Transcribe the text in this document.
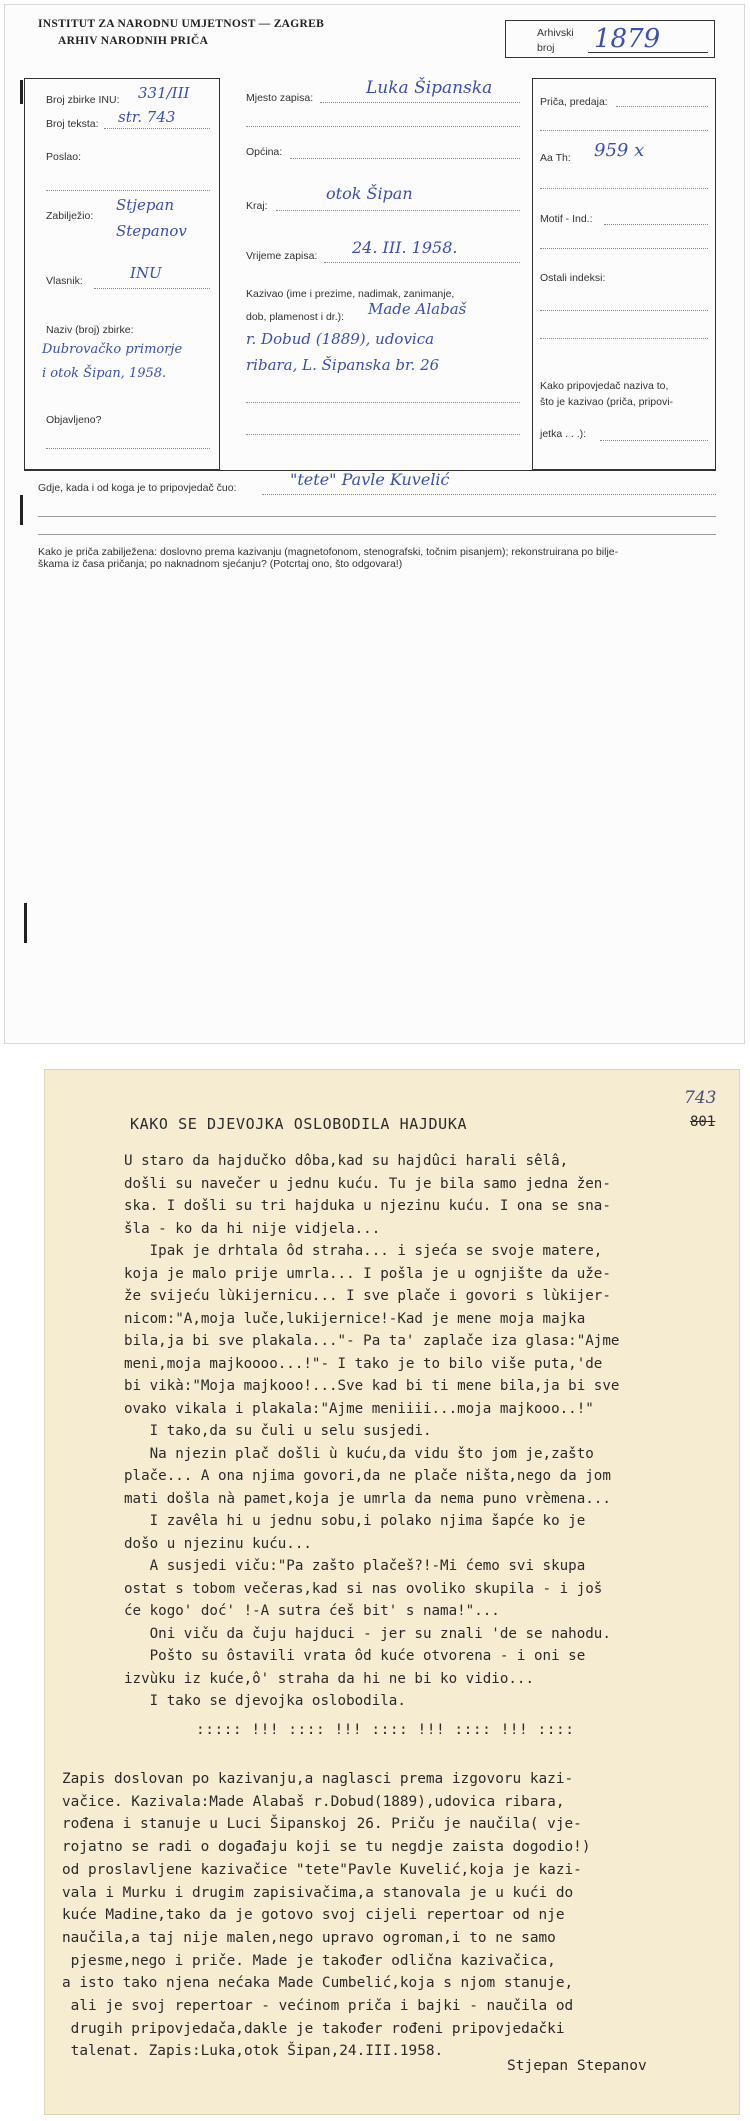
INSTITUT ZA NARODNU UMJETNOST — ZAGREB
ARHIV NARODNIH PRIČA
Arhivski
broj 1879
Broj zbirke INU: 331/III
Broj teksta: str. 743
Poslao:
Zabilježio:
Stjepan
Stepanov
Vlasnik:	INU
Naziv (broj) zbirke:
Dubrovačko primorje
i otok Šipan, 1958.
Objavljeno?
Mjesto zapisa:	Luka Šipanska
Općina:
Kraj:
otok Šipan
Vrijeme zapisa: 24. III. 1958.
Kazivao (ime i prezime, nadimak, zanimanje,
dob, plamenost i dr.): Made Alabaš
r. Dobud (1889), udovica
ribara, L. Šipanska br. 26
Priča, predaja:
Aa Th: 959 x
Motif - Ind.:
Ostali indeksi:
Kako pripovjedač naziva to,
što je kazivao (priča, pripovi-
jetka . . .):
Gdje, kada i od koga je to pripovjedač čuo:	"tete" Pavle Kuvelić
Kako je priča zabilježena: doslovno prema kazivanju (magnetofonom, stenografski, točnim pisanjem); rekonstruirana po bilje-
škama iz časa pričanja; po naknadnom sjećanju? (Potcrtaj ono, što odgovara!)
743
801
KAKO SE DJEVOJKA OSLOBODILA HAJDUKA
U staro da hajdučko dôba,kad su hajdûci harali sêlâ,
došli su navečer u jednu kuću. Tu je bila samo jedna žen-
ska. I došli su tri hajduka u njezinu kuću. I ona se sna-
šla - ko da hi nije vidjela...
Ipak je drhtala ôd straha... i sjeća se svoje matere,
koja je malo prije umrla... I pošla je u ognjište da uže-
že svijeću lùkijernicu... I sve plače i govori s lùkijer-
nicom:"A,moja luče,lukijernice!-Kad je mene moja majka
bila,ja bi sve plakala..."- Pa ta' zaplače iza glasa:"Ajme
meni,moja majkoooo...!"- I tako je to bilo više puta,'de
bi vikà:"Moja majkooo!...Sve kad bi ti mene bila,ja bi sve
ovako vikala i plakala:"Ajme meniiii...moja majkooo..!"
I tako,da su čuli u selu susjedi.
Na njezin plač došli ù kuću,da vidu što jom je,zašto
plače... A ona njima govori,da ne plače ništa,nego da jom
mati došla nà pamet,koja je umrla da nema puno vrèmena...
I zavêla hi u jednu sobu,i polako njima šapće ko je
došo u njezinu kuću...
A susjedi viču:"Pa zašto plačeš?!-Mi ćemo svi skupa
ostat s tobom večeras,kad si nas ovoliko skupila - i još
će kogo' doć' !-A sutra ćeš bit' s nama!"...
Oni viču da čuju hajduci - jer su znali 'de se nahodu.
Pošto su ôstavili vrata ôd kuće otvorena - i oni se
izvùku iz kuće,ô' straha da hi ne bi ko vidio...
I tako se djevojka oslobodila.
::::: !!! :::: !!! :::: !!! :::: !!! ::::
Zapis doslovan po kazivanju,a naglasci prema izgovoru kazi-
vačice. Kazivala:Made Alabaš r.Dobud(1889),udovica ribara,
rođena i stanuje u Luci Šipanskoj 26. Priču je naučila( vje-
rojatno se radi o događaju koji se tu negdje zaista dogodio!)
od proslavljene kazivačice "tete"Pavle Kuvelić,koja je kazi-
vala i Murku i drugim zapisivačima,a stanovala je u kući do
kuće Madine,tako da je gotovo svoj cijeli repertoar od nje
naučila,a taj nije malen,nego upravo ogroman,i to ne samo
pjesme,nego i priče. Made je također odlična kazivačica,
a isto tako njena nećaka Made Cumbelić,koja s njom stanuje,
ali je svoj repertoar - većinom priča i bajki - naučila od
drugih pripovjedača,dakle je također rođeni pripovjedački
talenat. Zapis:Luka,otok Šipan,24.III.1958.
Stjepan Stepanov
